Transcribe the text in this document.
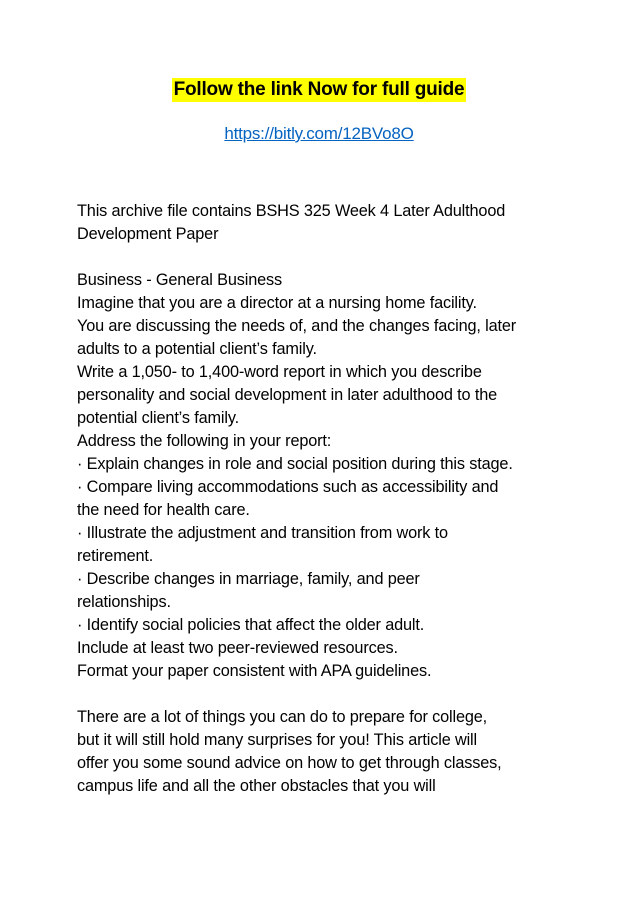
Follow the link Now for full guide
https://bitly.com/12BVo8O

This archive file contains BSHS 325 Week 4 Later Adulthood

Development Paper

Business - General Business

Imagine that you are a director at a nursing home facility.

You are discussing the needs of, and the changes facing, later

adults to a potential client’s family.

Write a 1,050- to 1,400-word report in which you describe

personality and social development in later adulthood to the

potential client’s family.

Address the following in your report:

· Explain changes in role and social position during this stage.

· Compare living accommodations such as accessibility and

the need for health care.

· Illustrate the adjustment and transition from work to

retirement.

· Describe changes in marriage, family, and peer

relationships.

· Identify social policies that affect the older adult.

Include at least two peer-reviewed resources.

Format your paper consistent with APA guidelines.

There are a lot of things you can do to prepare for college,

but it will still hold many surprises for you! This article will

offer you some sound advice on how to get through classes,

campus life and all the other obstacles that you will
